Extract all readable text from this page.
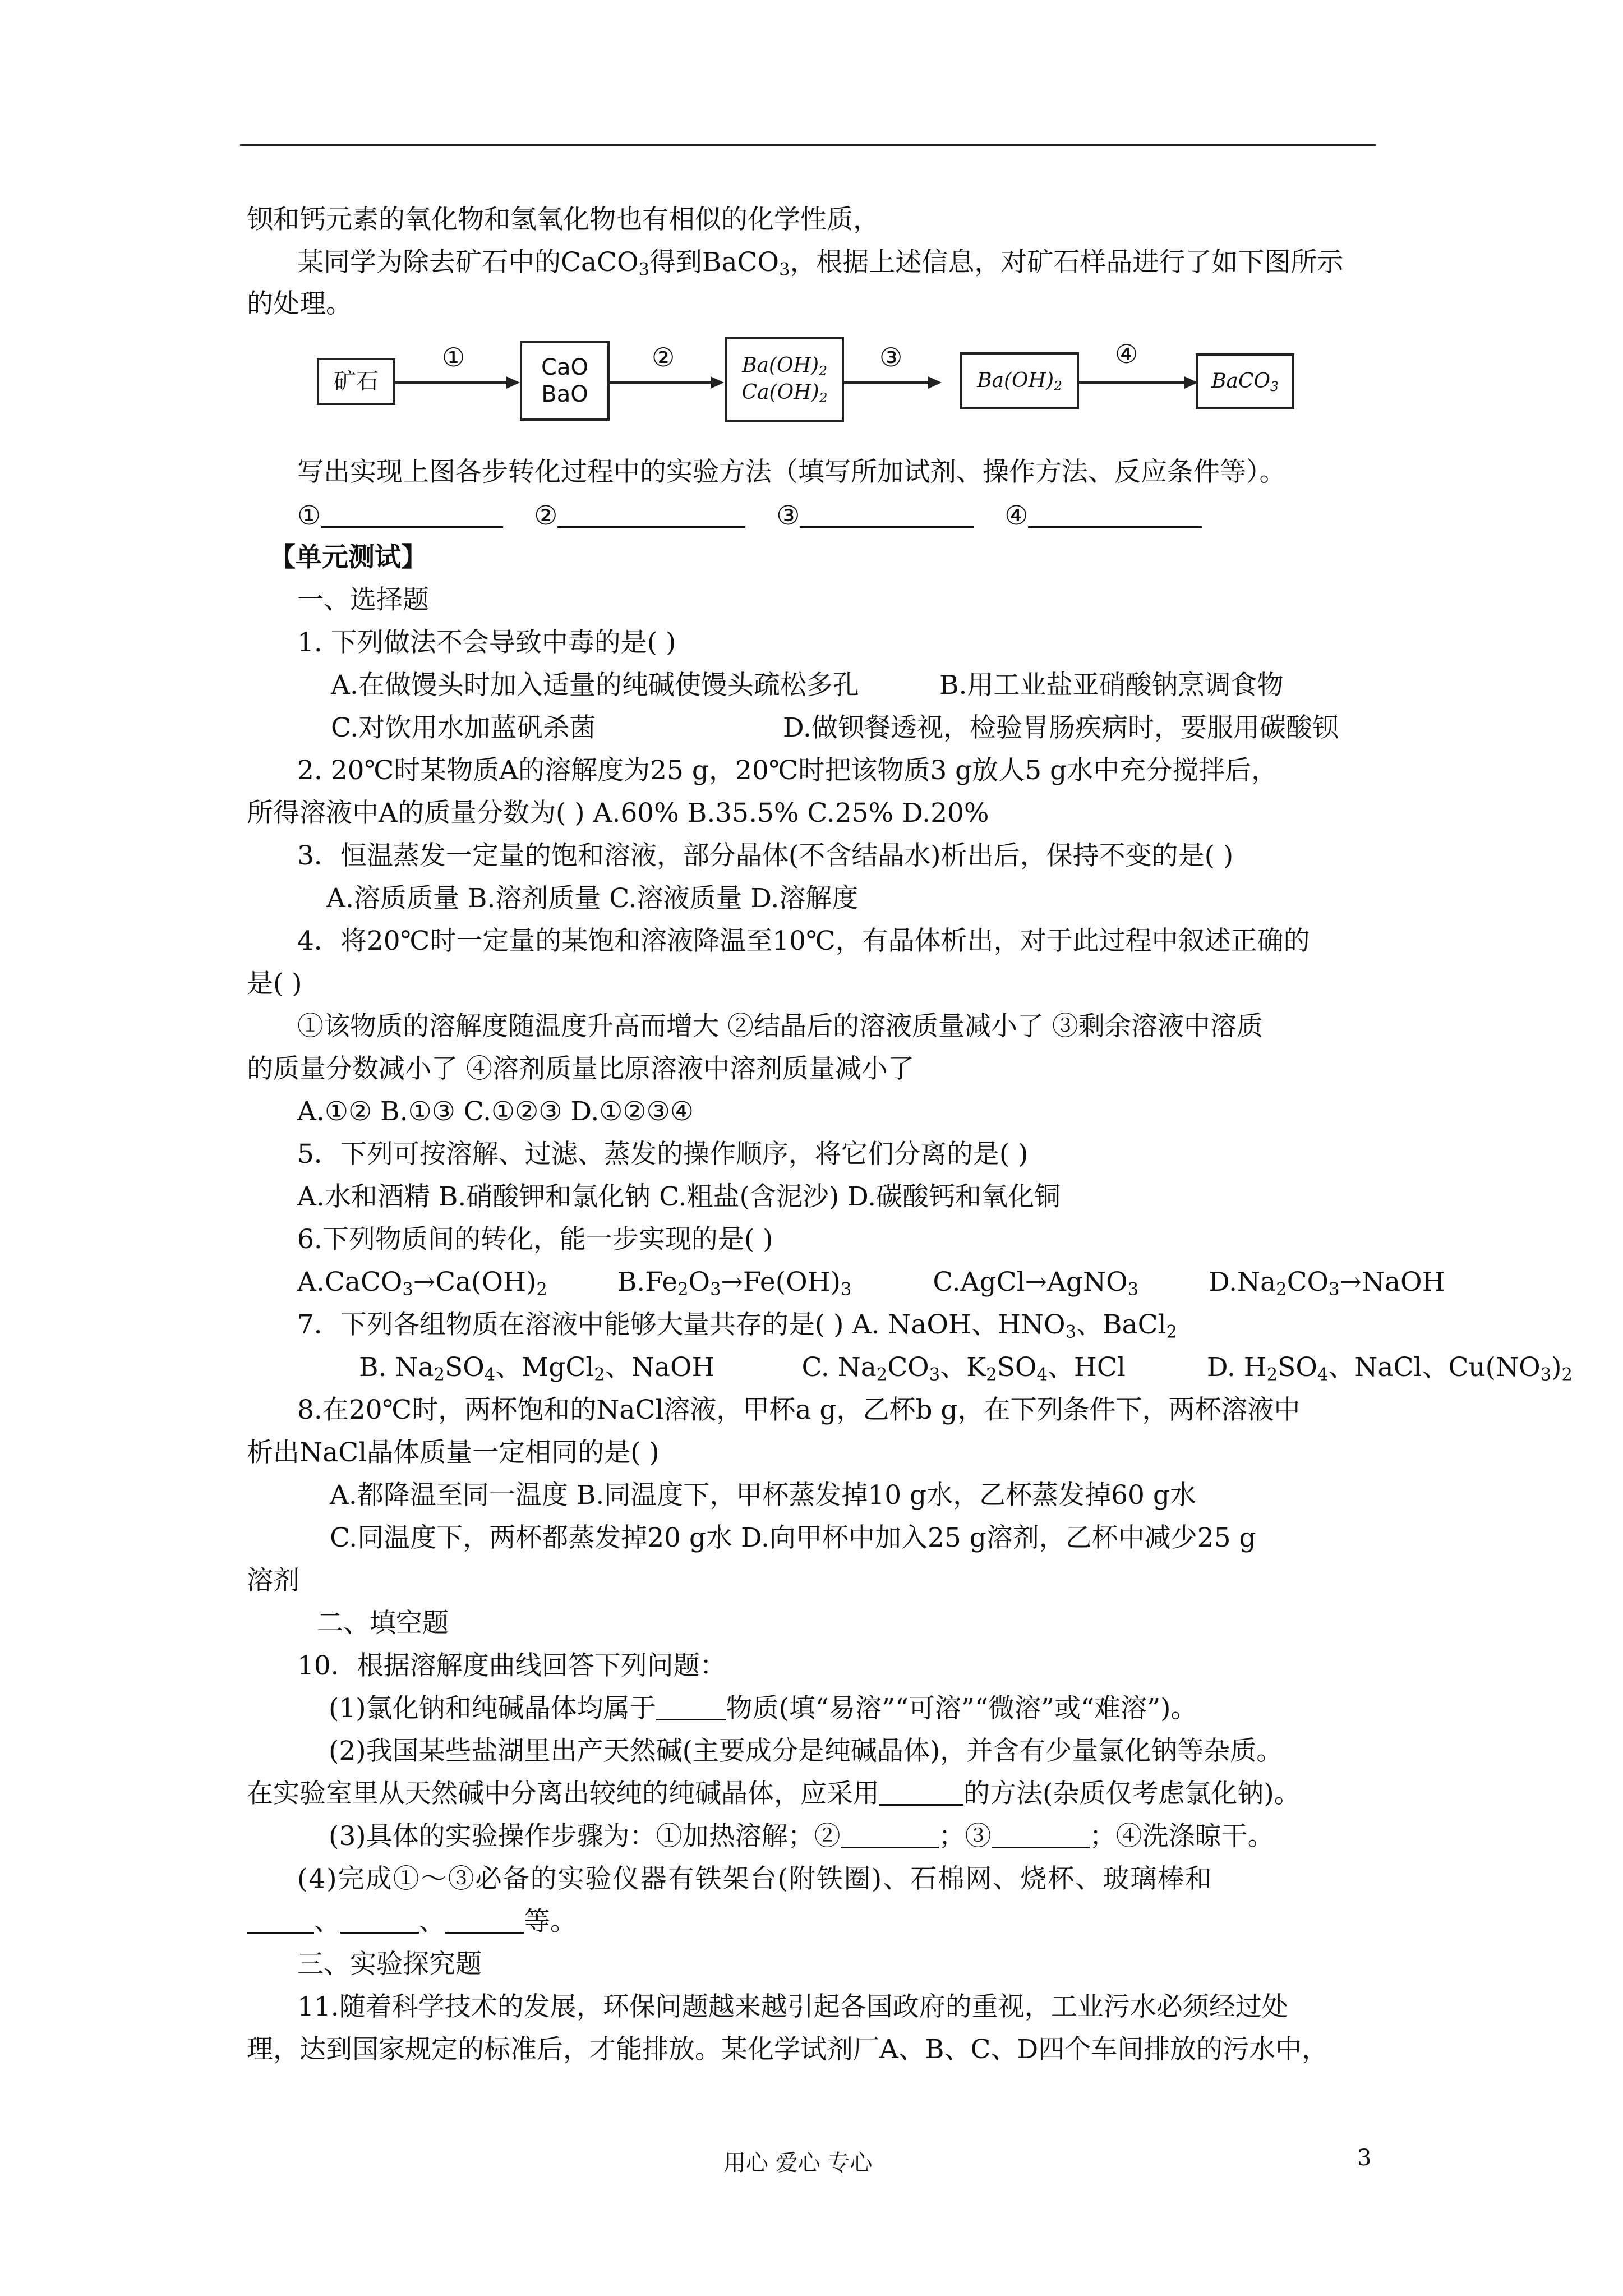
钡和钙元素的氧化物和氢氧化物也有相似的化学性质，
某同学为除去矿石中的CaCO$_3$得到BaCO$_3$，根据上述信息，对矿石样品进行了如下图所示
的处理。
矿石
①	CaO
BaO
②	$Ba(OH)_2$
$Ca(OH)_2$
③
$Ba(OH)_2$
④
BaCO$_3$
写出实现上图各步转化过程中的实验方法（填写所加试剂、操作方法、反应条件等）。
①	②	③	④
【单元测试】
一、选择题
1. 下列做法不会导致中毒的是( )
A.在做馒头时加入适量的纯碱使馒头疏松多孔	B.用工业盐亚硝酸钠烹调食物
C.对饮用水加蓝矾杀菌	D.做钡餐透视，检验胃肠疾病时，要服用碳酸钡
2. 20℃时某物质A的溶解度为25 g，20℃时把该物质3 g放人5 g水中充分搅拌后，
所得溶液中A的质量分数为( ) A.60% B.35.5% C.25% D.20%
3．恒温蒸发一定量的饱和溶液，部分晶体(不含结晶水)析出后，保持不变的是( )
A.溶质质量 B.溶剂质量 C.溶液质量 D.溶解度
4．将20℃时一定量的某饱和溶液降温至10℃，有晶体析出，对于此过程中叙述正确的
是( )
①该物质的溶解度随温度升高而增大 ②结晶后的溶液质量减小了 ③剩余溶液中溶质
的质量分数减小了 ④溶剂质量比原溶液中溶剂质量减小了
A.①② B.①③ C.①②③ D.①②③④
5．下列可按溶解、过滤、蒸发的操作顺序，将它们分离的是( )
A.水和酒精 B.硝酸钾和氯化钠 C.粗盐(含泥沙) D.碳酸钙和氧化铜
6.下列物质间的转化，能一步实现的是( )
$A.CaCO_3\to Ca(OH)_2$	$B.Fe_2O_3\to Fe(OH)_3$	C.AgCl→AgNO$_3$	$D.Na_2CO_3\to NaOH$
7．下列各组物质在溶液中能够大量共存的是( ) A. NaOH、$HNO_3$、BaCl$_2$
B. $Na_2SO_4$、MgCl$_2$、NaOH	C. $Na_2CO_3$、$K_2SO_4$、HCl	D. $H_2SO_4$、NaCl、$Cu(NO_3)_2$
8.在20℃时，两杯饱和的NaCl溶液，甲杯a g，乙杯b g，在下列条件下，两杯溶液中
析出NaCl晶体质量一定相同的是( )
A.都降温至同一温度 B.同温度下，甲杯蒸发掉10 g水，乙杯蒸发掉60 g水
C.同温度下，两杯都蒸发掉20 g水 D.向甲杯中加入25 g溶剂，乙杯中减少25 g
溶剂
二、填空题
10．根据溶解度曲线回答下列问题：
(1)氯化钠和纯碱晶体均属于	物质(填“易溶”“可溶”“微溶”或“难溶”)。
(2)我国某些盐湖里出产天然碱(主要成分是纯碱晶体)，并含有少量氯化钠等杂质。
在实验室里从天然碱中分离出较纯的纯碱晶体，应采用	的方法(杂质仅考虑氯化钠)。
(3)具体的实验操作步骤为：①加热溶解；②	；③	；④洗涤晾干。
(4)完成①～③必备的实验仪器有铁架台(附铁圈)、石棉网、烧杯、玻璃棒和
、	、	等。
三、实验探究题
11.随着科学技术的发展，环保问题越来越引起各国政府的重视，工业污水必须经过处
理，达到国家规定的标准后，才能排放。某化学试剂厂A、B、C、D四个车间排放的污水中，
用心 爱心 专心	3
